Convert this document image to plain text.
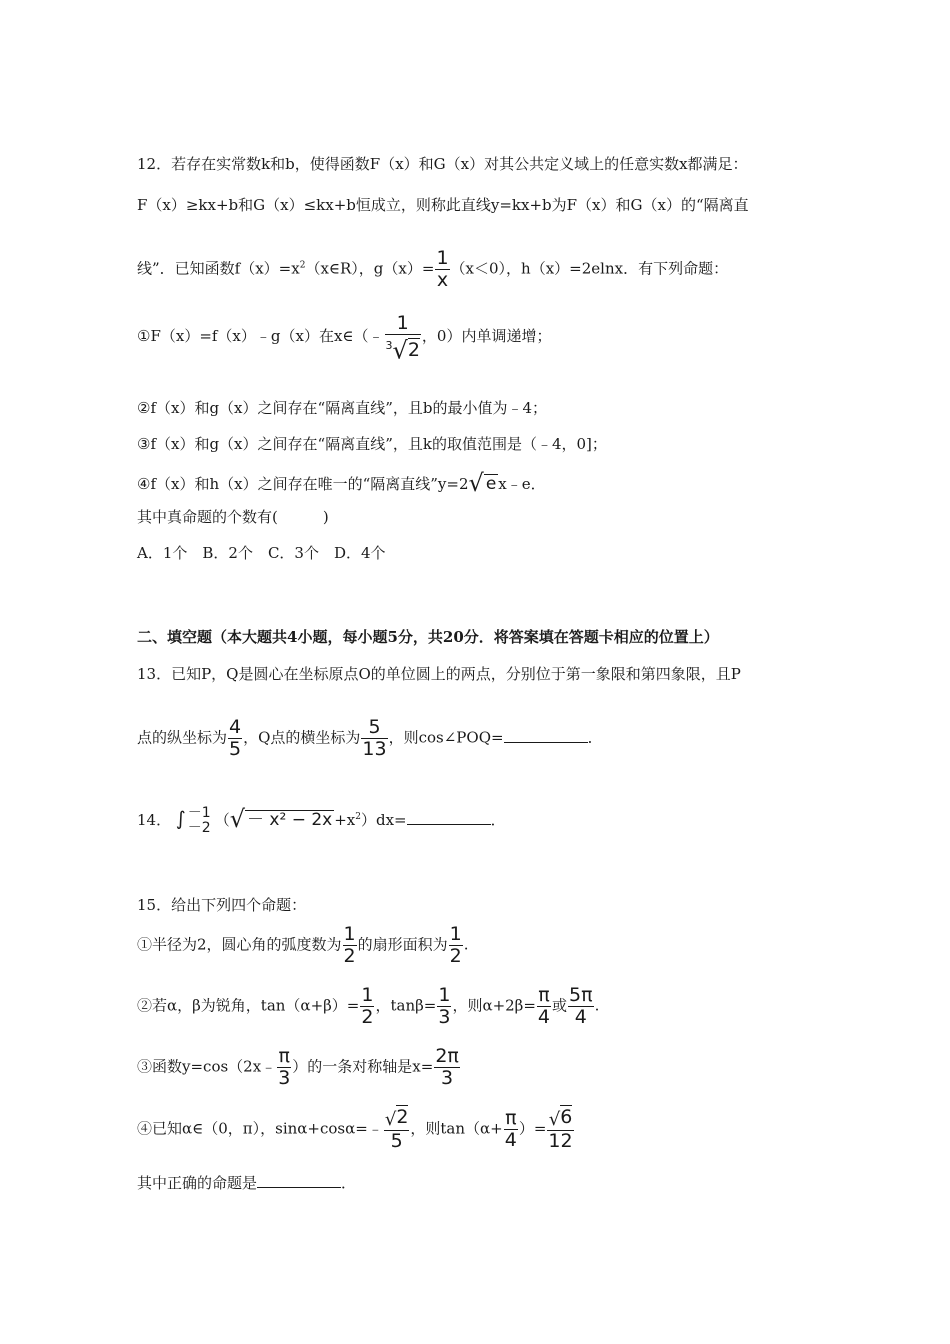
12．若存在实常数k和b，使得函数F（x）和G（x）对其公共定义域上的任意实数x都满足：
F（x）≥kx+b和G（x）≤kx+b恒成立，则称此直线y=kx+b为F（x）和G（x）的“隔离直
线”．已知函数$f(x)=x^2(x\in R)$，$g(x)= \frac{1}{x} (x<0)$，h（x）=2elnx．有下列命题：
①F（x）=f（x）﹣g（x）在x∈（﹣ $\frac{1}{^3√2}$ ，0）内单调递增；
②f（x）和g（x）之间存在“隔离直线”，且b的最小值为﹣4；
③f（x）和g（x）之间存在“隔离直线”，且k的取值范围是（﹣4，0]；
④f（x）和h（x）之间存在唯一的“隔离直线”y=2√ e x﹣e．
其中真命题的个数有(　　　)
A．1个　B．2个　C．3个　D．4个
二、填空题（本大题共4小题，每小题5分，共20分．将答案填在答题卡相应的位置上）
13．已知P，Q是圆心在坐标原点O的单位圆上的两点，分别位于第一象限和第四象限，且P
点的纵坐标为 $\frac{4}{5}$ ，Q点的横坐标为 $\frac{5}{13}$ ，则cos∠POQ=	．
14． ∫ －1
－2 （√ － $x^2 - 2x +x^2)dx=$	．
15．给出下列四个命题：
①半径为2，圆心角的弧度数为 $\frac{1}{2}$ 的扇形面积为 $\frac{1}{2}$ .
②若α，β为锐角，$\tan(\alpha+\beta)= \frac{1}{2}$ ，$\tan\beta= \frac{1}{3}$ ，则$\alpha+2\beta= \frac{\pi}{4}$ 或 $\frac{5\pi}{4}$ .
③函数y=cos（2x﹣ $\frac{\pi}{3}$ ）的一条对称轴是$x= \frac{2\pi}{3}$
④已知α∈（0，π），sinα+cosα=﹣ $\frac{√2}{5}$ ，则$\tan(\alpha+ \frac{\pi}{4}$ ）= $\frac{√6}{12}$
其中正确的命题是	．
